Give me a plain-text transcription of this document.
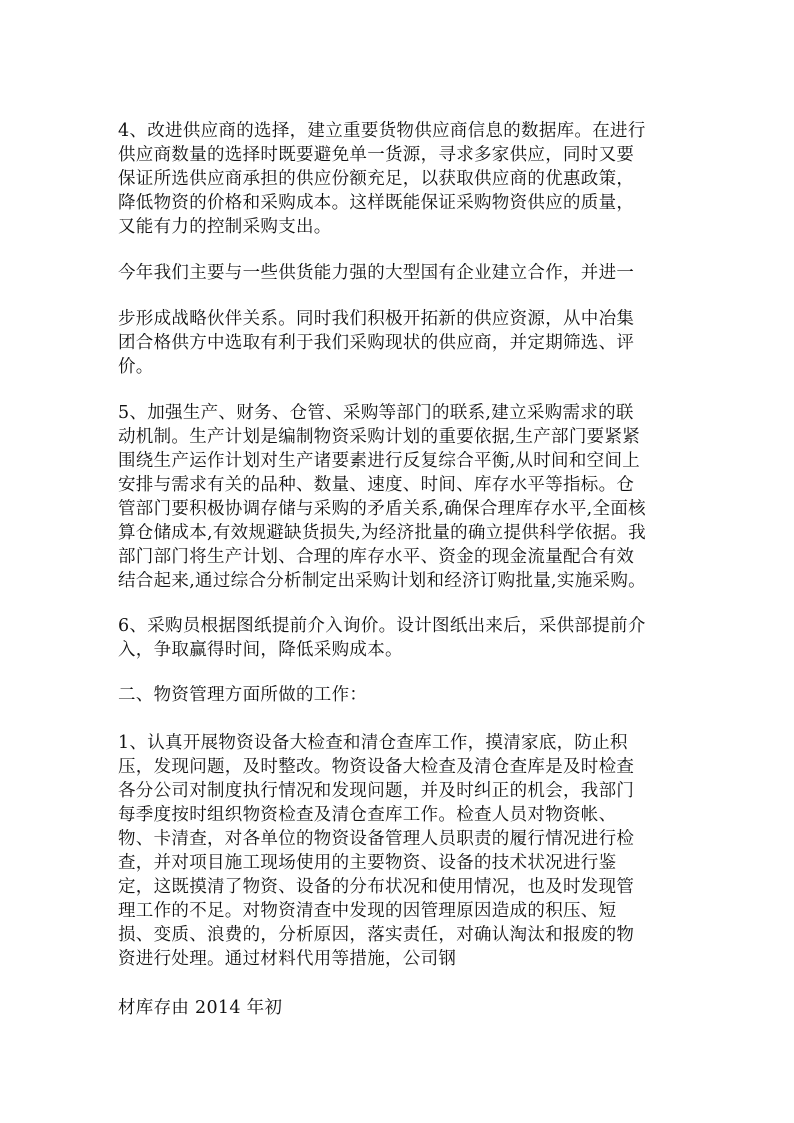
4、改进供应商的选择，建立重要货物供应商信息的数据库。在进行
供应商数量的选择时既要避免单一货源，寻求多家供应，同时又要
保证所选供应商承担的供应份额充足，以获取供应商的优惠政策，
降低物资的价格和采购成本。这样既能保证采购物资供应的质量，
又能有力的控制采购支出。
今年我们主要与一些供货能力强的大型国有企业建立合作，并进一
步形成战略伙伴关系。同时我们积极开拓新的供应资源，从中冶集
团合格供方中选取有利于我们采购现状的供应商，并定期筛选、评
价。
5、加强生产、财务、仓管、采购等部门的联系,建立采购需求的联
动机制。生产计划是编制物资采购计划的重要依据,生产部门要紧紧
围绕生产运作计划对生产诸要素进行反复综合平衡,从时间和空间上
安排与需求有关的品种、数量、速度、时间、库存水平等指标。仓
管部门要积极协调存储与采购的矛盾关系,确保合理库存水平,全面核
算仓储成本,有效规避缺货损失,为经济批量的确立提供科学依据。我
部门部门将生产计划、合理的库存水平、资金的现金流量配合有效
结合起来,通过综合分析制定出采购计划和经济订购批量,实施采购。
6、采购员根据图纸提前介入询价。设计图纸出来后，采供部提前介
入，争取赢得时间，降低采购成本。
二、物资管理方面所做的工作：
1、认真开展物资设备大检查和清仓查库工作，摸清家底，防止积
压，发现问题，及时整改。物资设备大检查及清仓查库是及时检查
各分公司对制度执行情况和发现问题，并及时纠正的机会，我部门
每季度按时组织物资检查及清仓查库工作。检查人员对物资帐、
物、卡清查，对各单位的物资设备管理人员职责的履行情况进行检
查，并对项目施工现场使用的主要物资、设备的技术状况进行鉴
定，这既摸清了物资、设备的分布状况和使用情况，也及时发现管
理工作的不足。对物资清查中发现的因管理原因造成的积压、短
损、变质、浪费的，分析原因，落实责任，对确认淘汰和报废的物
资进行处理。通过材料代用等措施，公司钢
材库存由 2014 年初
